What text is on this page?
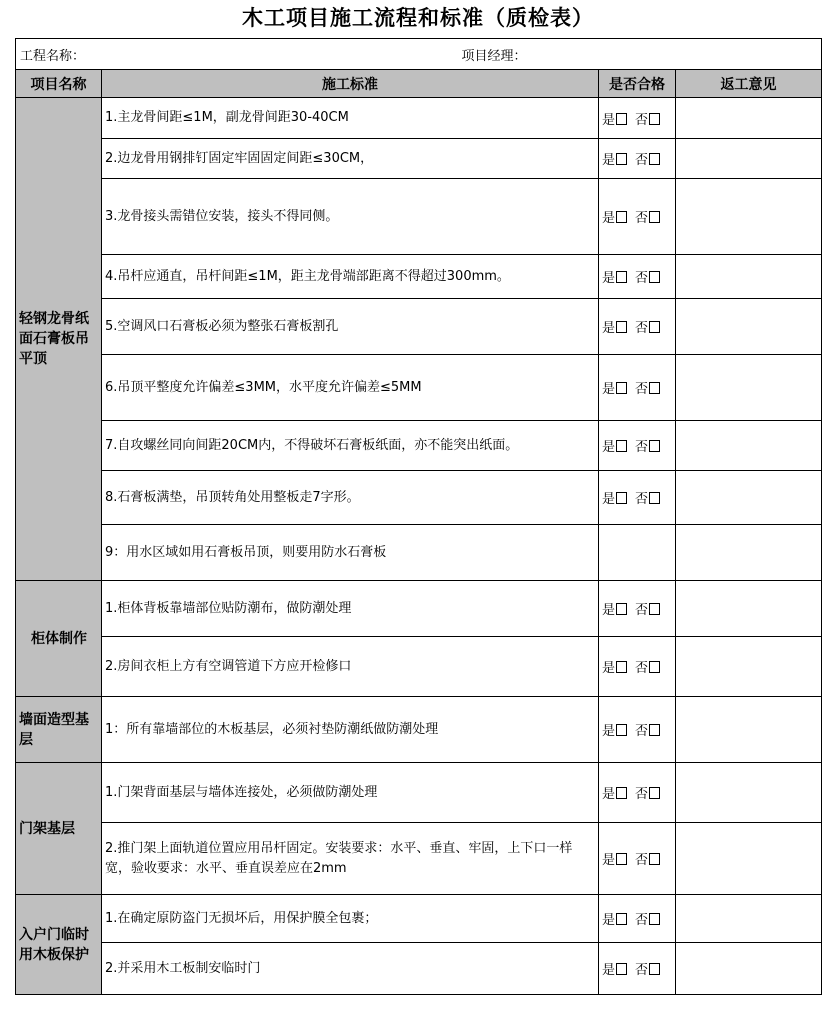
木工项目施工流程和标准（质检表）
工程名称： 项目经理：			

项目名称	施工标准	是否合格	返工意见
轻钢龙骨纸面石膏板吊平顶	1.主龙骨间距≤1M，副龙骨间距30-40CM	是 否	
	2.边龙骨用钢排钉固定牢固固定间距≤30CM，	是 否	
	3.龙骨接头需错位安装，接头不得同侧。	是 否	
	4.吊杆应通直，吊杆间距≤1M，距主龙骨端部距离不得超过300mm。	是 否	
	5.空调风口石膏板必须为整张石膏板割孔	是 否	
	6.吊顶平整度允许偏差≤3MM，水平度允许偏差≤5MM	是 否	
	7.自攻螺丝同向间距20CM内，不得破坏石膏板纸面，亦不能突出纸面。	是 否	
	8.石膏板满垫，吊顶转角处用整板走7字形。	是 否	
	9：用水区域如用石膏板吊顶，则要用防水石膏板		
柜体制作	1.柜体背板靠墙部位贴防潮布，做防潮处理	是 否	
	2.房间衣柜上方有空调管道下方应开检修口	是 否	
墙面造型基层	1：所有靠墙部位的木板基层，必须衬垫防潮纸做防潮处理	是 否	
门架基层	1.门架背面基层与墙体连接处，必须做防潮处理	是 否	
	2.推门架上面轨道位置应用吊杆固定。安装要求：水平、垂直、牢固，上下口一样宽，验收要求：水平、垂直误差应在2mm	是 否	
入户门临时用木板保护	1.在确定原防盗门无损坏后，用保护膜全包裹；	是 否	
	2.并采用木工板制安临时门	是 否	
